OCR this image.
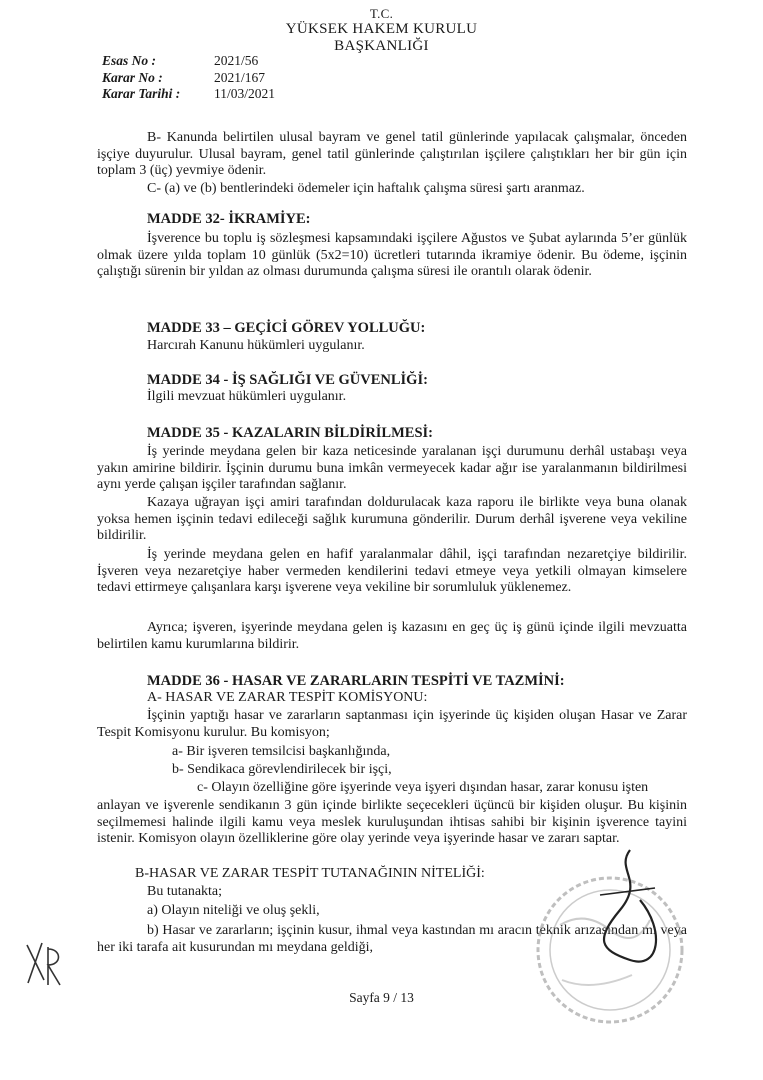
T.C.
YÜKSEK HAKEM KURULU
BAŞKANLIĞI
Esas No :	2021/56
Karar No :	2021/167
Karar Tarihi : 11/03/2021
B- Kanunda belirtilen ulusal bayram ve genel tatil günlerinde yapılacak çalışmalar, önceden işçiye duyurulur. Ulusal bayram, genel tatil günlerinde çalıştırılan işçilere çalıştıkları her bir gün için toplam 3 (üç) yevmiye ödenir.
C- (a) ve (b) bentlerindeki ödemeler için haftalık çalışma süresi şartı aranmaz.
MADDE 32- İKRAMİYE:
İşverence bu toplu iş sözleşmesi kapsamındaki işçilere Ağustos ve Şubat aylarında 5’er günlük olmak üzere yılda toplam 10 günlük (5x2=10) ücretleri tutarında ikramiye ödenir. Bu ödeme, işçinin çalıştığı sürenin bir yıldan az olması durumunda çalışma süresi ile orantılı olarak ödenir.
MADDE 33 – GEÇİCİ GÖREV YOLLUĞU:
Harcırah Kanunu hükümleri uygulanır.
MADDE 34 - İŞ SAĞLIĞI VE GÜVENLİĞİ:
İlgili mevzuat hükümleri uygulanır.
MADDE 35 - KAZALARIN BİLDİRİLMESİ:
İş yerinde meydana gelen bir kaza neticesinde yaralanan işçi durumunu derhâl ustabaşı veya yakın amirine bildirir. İşçinin durumu buna imkân vermeyecek kadar ağır ise yaralanmanın bildirilmesi aynı yerde çalışan işçiler tarafından sağlanır.
Kazaya uğrayan işçi amiri tarafından doldurulacak kaza raporu ile birlikte veya buna olanak yoksa hemen işçinin tedavi edileceği sağlık kurumuna gönderilir. Durum derhâl işverene veya vekiline bildirilir.
İş yerinde meydana gelen en hafif yaralanmalar dâhil, işçi tarafından nezaretçiye bildirilir. İşveren veya nezaretçiye haber vermeden kendilerini tedavi etmeye veya yetkili olmayan kimselere tedavi ettirmeye çalışanlara karşı işverene veya vekiline bir sorumluluk yüklenemez.
Ayrıca; işveren, işyerinde meydana gelen iş kazasını en geç üç iş günü içinde ilgili mevzuatta belirtilen kamu kurumlarına bildirir.
MADDE 36 - HASAR VE ZARARLARIN TESPİTİ VE TAZMİNİ:
A- HASAR VE ZARAR TESPİT KOMİSYONU:
İşçinin yaptığı hasar ve zararların saptanması için işyerinde üç kişiden oluşan Hasar ve Zarar Tespit Komisyonu kurulur. Bu komisyon;
a- Bir işveren temsilcisi başkanlığında,
b- Sendikaca görevlendirilecek bir işçi,
c- Olayın özelliğine göre işyerinde veya işyeri dışından hasar, zarar konusu işten
anlayan ve işverenle sendikanın 3 gün içinde birlikte seçecekleri üçüncü bir kişiden oluşur. Bu kişinin seçilmemesi halinde ilgili kamu veya meslek kuruluşundan ihtisas sahibi bir kişinin işverence tayini istenir. Komisyon olayın özelliklerine göre olay yerinde veya işyerinde hasar ve zararı saptar.
B-HASAR VE ZARAR TESPİT TUTANAĞININ NİTELİĞİ:
Bu tutanakta;
a) Olayın niteliği ve oluş şekli,
b) Hasar ve zararların; işçinin kusur, ihmal veya kastından mı aracın teknik arızasından mı veya her iki tarafa ait kusurundan mı meydana geldiği,
Sayfa 9 / 13
